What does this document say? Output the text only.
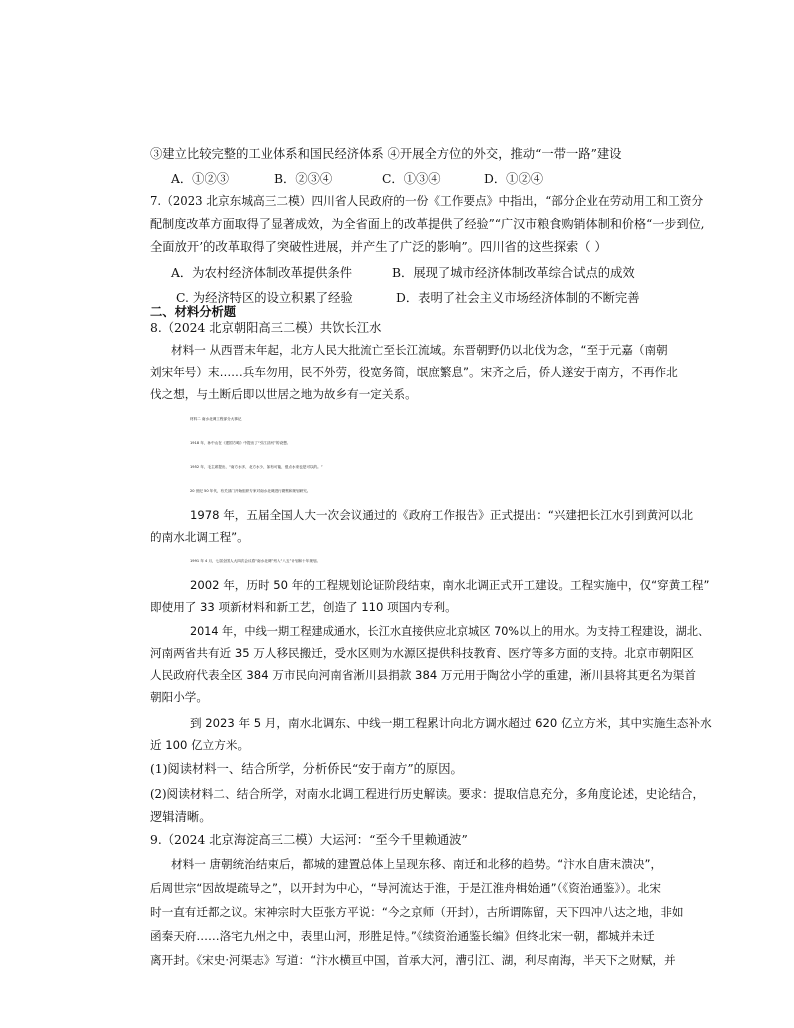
③建立比较完整的工业体系和国民经济体系 ④开展全方位的外交，推动“一带一路”建设
A．①②③	B．②③④	C．①③④	D．①②④
7.（2023 北京东城高三二模）四川省人民政府的一份《工作要点》中指出，“部分企业在劳动用工和工资分
配制度改革方面取得了显著成效，为全省面上的改革提供了经验”“广汉市粮食购销体制和价格“一步到位,
全面放开’的改革取得了突破性进展，并产生了广泛的影响”。四川省的这些探索（ ）
A．为农村经济体制改革提供条件	B．展现了城市经济体制改革综合试点的成效
C. 为经济特区的设立积累了经验	D．表明了社会主义市场经济体制的不断完善
二、材料分析题
8.（2024 北京朝阳高三二模）共饮长江水
材料一 从西晋末年起，北方人民大批流亡至长江流域。东晋朝野仍以北伐为念，“至于元嘉（南朝
刘宋年号）末……兵车勿用，民不外劳，役宽务简，氓庶繁息”。宋齐之后，侨人遂安于南方，不再作北
伐之想，与土断后即以世居之地为故乡有一定关系。
材料二 南水北调工程部分大事记
1918 年，孙中山在《建国方略》中提出了“引江济河”的设想。
1952 年，毛主席提出，“南方水多，北方水少，如有可能，借点水来也是可以的。”
20 世纪 50 年代，有关部门开始组织专家对南水北调进行勘察和规划研究。
1978 年，五届全国人大一次会议通过的《政府工作报告》正式提出：“兴建把长江水引到黄河以北
的南水北调工程”。
1991 年 4 月，七届全国人大四次会议将“南水北调”列入“八五”计划和十年规划。
2002 年，历时 50 年的工程规划论证阶段结束，南水北调正式开工建设。工程实施中，仅“穿黄工程”
即使用了 33 项新材料和新工艺，创造了 110 项国内专利。
2014 年，中线一期工程建成通水，长江水直接供应北京城区 70%以上的用水。为支持工程建设，湖北、
河南两省共有近 35 万人移民搬迁，受水区则为水源区提供科技教育、医疗等多方面的支持。北京市朝阳区
人民政府代表全区 384 万市民向河南省淅川县捐款 384 万元用于陶岔小学的重建，淅川县将其更名为渠首
朝阳小学。
到 2023 年 5 月，南水北调东、中线一期工程累计向北方调水超过 620 亿立方米，其中实施生态补水
近 100 亿立方米。
(1)阅读材料一、结合所学，分析侨民“安于南方”的原因。
(2)阅读材料二、结合所学，对南水北调工程进行历史解读。要求：提取信息充分，多角度论述，史论结合，
逻辑清晰。
9.（2024 北京海淀高三二模）大运河：“至今千里赖通波”
材料一 唐朝统治结束后，都城的建置总体上呈现东移、南迁和北移的趋势。“汴水自唐末溃决”，
后周世宗“因故堤疏导之”，以开封为中心，“导河流达于淮，于是江淮舟楫始通”（《资治通鉴》）。北宋
时一直有迁都之议。宋神宗时大臣张方平说：“今之京师（开封），古所谓陈留，天下四冲八达之地，非如
函秦天府……洛宅九州之中，表里山河，形胜足恃。”《续资治通鉴长编》但终北宋一朝，都城并未迁
离开封。《宋史·河渠志》写道：“汴水横亘中国，首承大河，漕引江、湖，利尽南海，半天下之财赋，并
